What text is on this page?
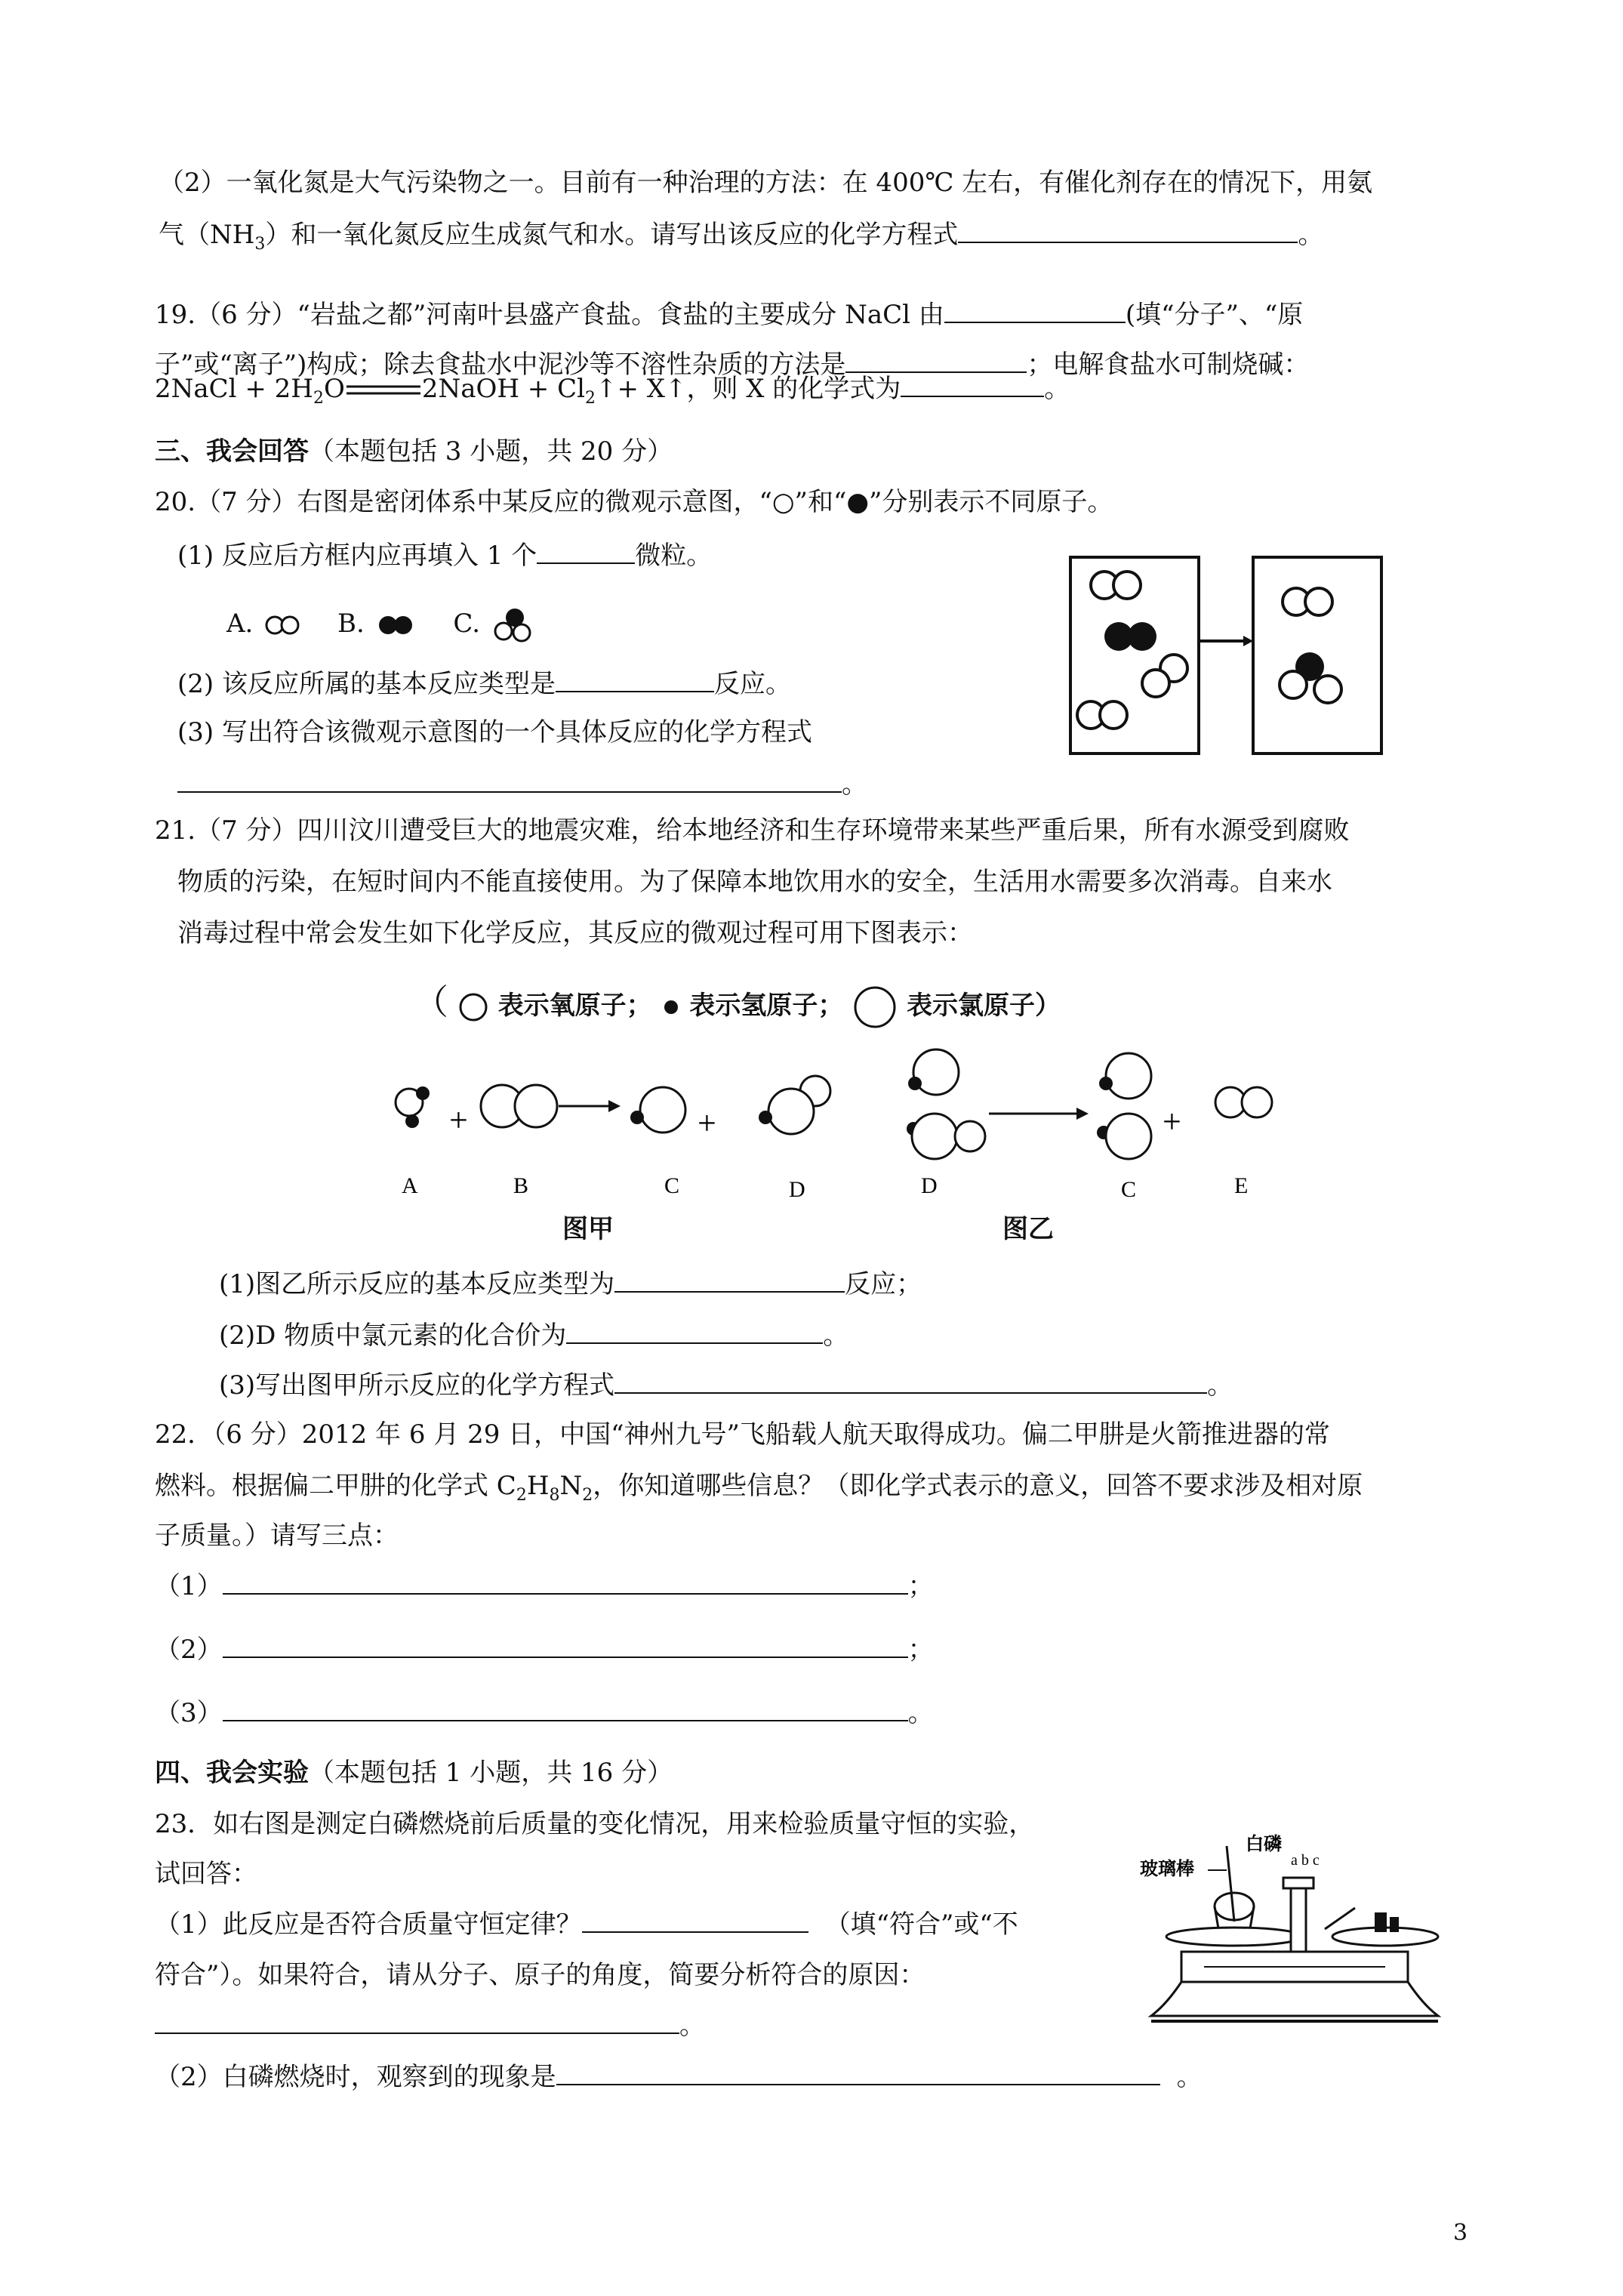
（2）一氧化氮是大气污染物之一。目前有一种治理的方法：在 400℃ 左右，有催化剂存在的情况下，用氨
气$(NH_3)$和一氧化氮反应生成氮气和水。请写出该反应的化学方程式	。
19.（6 分）“岩盐之都”河南叶县盛产食盐。食盐的主要成分 NaCl 由	(填“分子”、“原
子”或“离子”)构成；除去食盐水中泥沙等不溶性杂质的方法是	；电解食盐水可制烧碱：
2NaCl + $2H_2O$	2NaOH + $Cl_2↑+$ X↑，则 X 的化学式为	。
三、我会回答（本题包括 3 小题，共 20 分）
20.（7 分）右图是密闭体系中某反应的微观示意图，“○”和“●”分别表示不同原子。
(1) 反应后方框内应再填入 1 个	微粒。
A.	B.	C.
(2) 该反应所属的基本反应类型是	反应。
(3) 写出符合该微观示意图的一个具体反应的化学方程式
。
21.（7 分）四川汶川遭受巨大的地震灾难，给本地经济和生存环境带来某些严重后果，所有水源受到腐败
物质的污染，在短时间内不能直接使用。为了保障本地饮用水的安全，生活用水需要多次消毒。自来水
消毒过程中常会发生如下化学反应，其反应的微观过程可用下图表示：
（ 表示氧原子； 表示氢原子； 表示氯原子）
+	+	+
A	B	C	D	D	C	E
图甲	图乙
(1)图乙所示反应的基本反应类型为	反应；
(2)D 物质中氯元素的化合价为	。
(3)写出图甲所示反应的化学方程式	。
22．（6 分）2012 年 6 月 29 日，中国“神州九号”飞船载人航天取得成功。偏二甲肼是火箭推进器的常
燃料。根据偏二甲肼的化学式 $C_2H_8N_2$，你知道哪些信息？（即化学式表示的意义，回答不要求涉及相对原
子质量。）请写三点：
（1）	；
（2）	；
（3）	。
四、我会实验（本题包括 1 小题，共 16 分）
23．如右图是测定白磷燃烧前后质量的变化情况，用来检验质量守恒的实验，
试回答：
（1）此反应是否符合质量守恒定律？	（填“符合”或“不
符合”）。如果符合，请从分子、原子的角度，简要分析符合的原因：
。
（2）白磷燃烧时，观察到的现象是	。
玻璃棒
白磷
a b c
3
